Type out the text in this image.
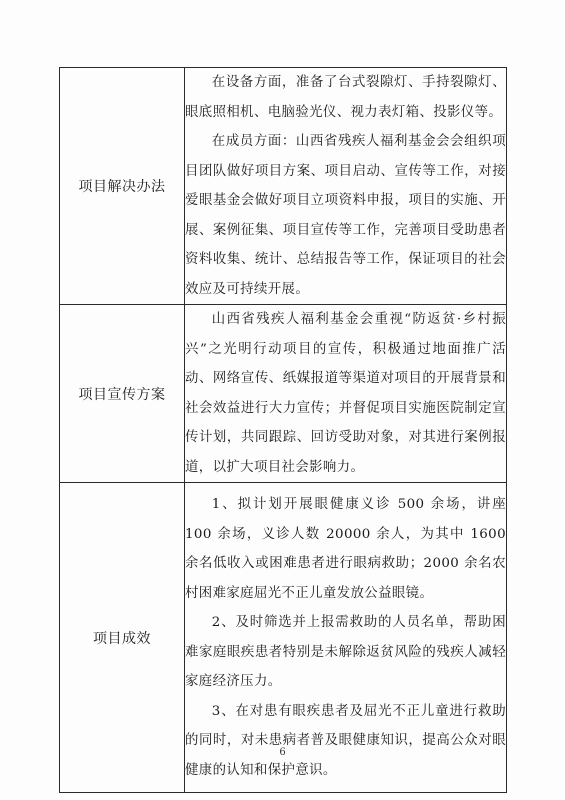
项目解决办法	在设备方面，准备了台式裂隙灯、手持裂隙灯、眼底照相机、电脑验光仪、视力表灯箱、投影仪等。

在成员方面：山西省残疾人福利基金会会组织项目团队做好项目方案、项目启动、宣传等工作，对接爱眼基金会做好项目立项资料申报，项目的实施、开展、案例征集、项目宣传等工作，完善项目受助患者资料收集、统计、总结报告等工作，保证项目的社会效应及可持续开展。

项目宣传方案	山西省残疾人福利基金会重视“防返贫·乡村振兴”之光明行动项目的宣传，积极通过地面推广活动、网络宣传、纸媒报道等渠道对项目的开展背景和社会效益进行大力宣传；并督促项目实施医院制定宣传计划，共同跟踪、回访受助对象，对其进行案例报道，以扩大项目社会影响力。

项目成效	1、拟计划开展眼健康义诊 500 余场，讲座 100 余场，义诊人数 20000 余人，为其中 1600 余名低收入或困难患者进行眼病救助；2000 余名农村困难家庭屈光不正儿童发放公益眼镜。

2、及时筛选并上报需救助的人员名单，帮助困难家庭眼疾患者特别是未解除返贫风险的残疾人减轻家庭经济压力。

3、在对患有眼疾患者及屈光不正儿童进行救助的同时，对未患病者普及眼健康知识，提高公众对眼健康的认知和保护意识。

6
